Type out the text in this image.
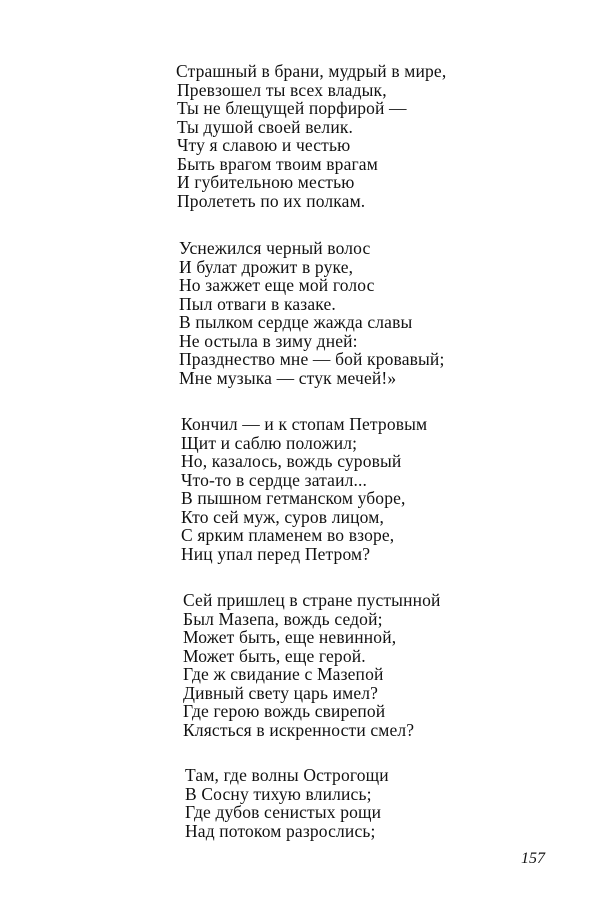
Страшный в брани, мудрый в мире,
Превзошел ты всех владык,
Ты не блещущей порфирой —
Ты душой своей велик.
Чту я славою и честью
Быть врагом твоим врагам
И губительною местью
Пролететь по их полкам.
Уснежился черный волос
И булат дрожит в руке,
Но зажжет еще мой голос
Пыл отваги в казаке.
В пылком сердце жажда славы
Не остыла в зиму дней:
Празднество мне — бой кровавый;
Мне музыка — стук мечей!»
Кончил — и к стопам Петровым
Щит и саблю положил;
Но, казалось, вождь суровый
Что-то в сердце затаил...
В пышном гетманском уборе,
Кто сей муж, суров лицом,
С ярким пламенем во взоре,
Ниц упал перед Петром?
Сей пришлец в стране пустынной
Был Мазепа, вождь седой;
Может быть, еще невинной,
Может быть, еще герой.
Где ж свидание с Мазепой
Дивный свету царь имел?
Где герою вождь свирепой
Клясться в искренности смел?
Там, где волны Острогощи
В Сосну тихую влились;
Где дубов сенистых рощи
Над потоком разрослись;
157
